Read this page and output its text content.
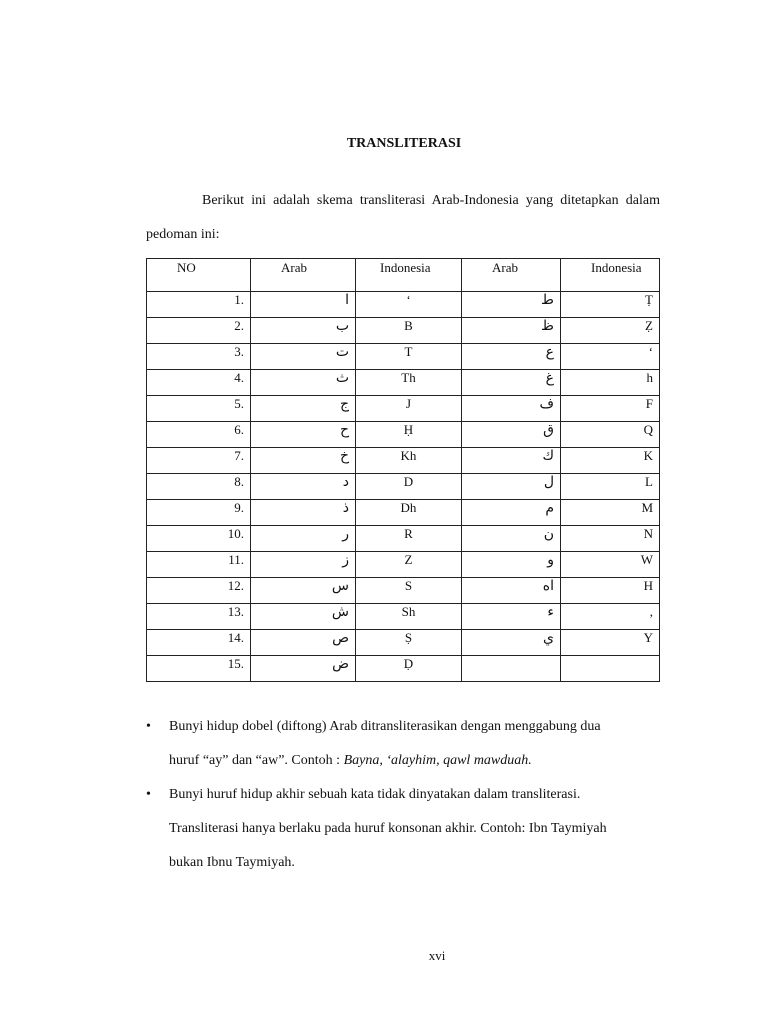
TRANSLITERASI

Berikut ini adalah skema transliterasi Arab-Indonesia yang ditetapkan dalam pedoman ini:

NO	Arab	Indonesia	Arab	Indonesia
1.	ا	‘	ط	Ṭ
2.	ب	B	ظ	Ẓ
3.	ت	T	ع	‘
4.	ث	Th	غ	h
5.	ج	J	ف	F
6.	ح	Ḥ	ق	Q
7.	خ	Kh	ك	K
8.	د	D	ل	L
9.	ذ	Dh	م	M
10.	ر	R	ن	N
11.	ز	Z	و	W
12.	س	S	اه	H
13.	ش	Sh	ء	,
14.	ص	Ṣ	ي	Y
15.	ض	Ḍ		
• Bunyi hidup dobel (diftong) Arab ditransliterasikan dengan menggabung dua
huruf “ay” dan “aw”. Contoh : Bayna, ‘alayhim, qawl mawduah.
• Bunyi huruf hidup akhir sebuah kata tidak dinyatakan dalam transliterasi.
Transliterasi hanya berlaku pada huruf konsonan akhir. Contoh: Ibn Taymiyah
bukan Ibnu Taymiyah.
xvi
